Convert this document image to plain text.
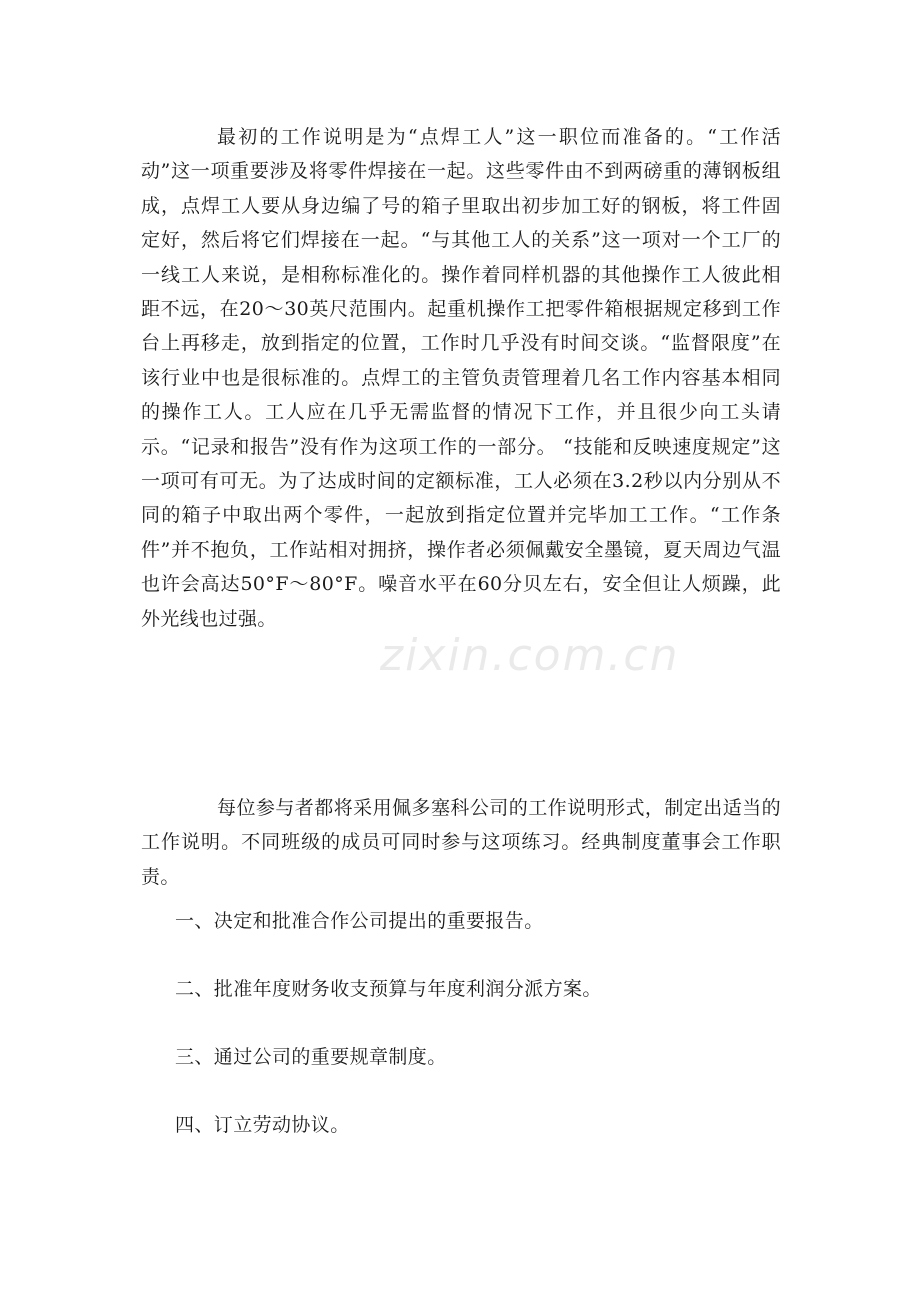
最初的工作说明是为“点焊工人”这一职位而准备的。“工作活动”这一项重要涉及将零件焊接在一起。这些零件由不到两磅重的薄钢板组成，点焊工人要从身边编了号的箱子里取出初步加工好的钢板，将工件固定好，然后将它们焊接在一起。“与其他工人的关系”这一项对一个工厂的一线工人来说，是相称标准化的。操作着同样机器的其他操作工人彼此相距不远，在20～30英尺范围内。起重机操作工把零件箱根据规定移到工作台上再移走，放到指定的位置，工作时几乎没有时间交谈。“监督限度”在该行业中也是很标准的。点焊工的主管负责管理着几名工作内容基本相同的操作工人。工人应在几乎无需监督的情况下工作，并且很少向工头请示。“记录和报告”没有作为这项工作的一部分。 “技能和反映速度规定”这一项可有可无。为了达成时间的定额标准，工人必须在3.2秒以内分别从不同的箱子中取出两个零件，一起放到指定位置并完毕加工工作。“工作条件”并不抱负，工作站相对拥挤，操作者必须佩戴安全墨镜，夏天周边气温也许会高达50°F～80°F。噪音水平在60分贝左右，安全但让人烦躁，此外光线也过强。

每位参与者都将采用佩多塞科公司的工作说明形式，制定出适当的工作说明。不同班级的成员可同时参与这项练习。经典制度董事会工作职责。

一、决定和批准合作公司提出的重要报告。
二、批准年度财务收支预算与年度利润分派方案。
三、通过公司的重要规章制度。
四、订立劳动协议。
zixin.com.cn
